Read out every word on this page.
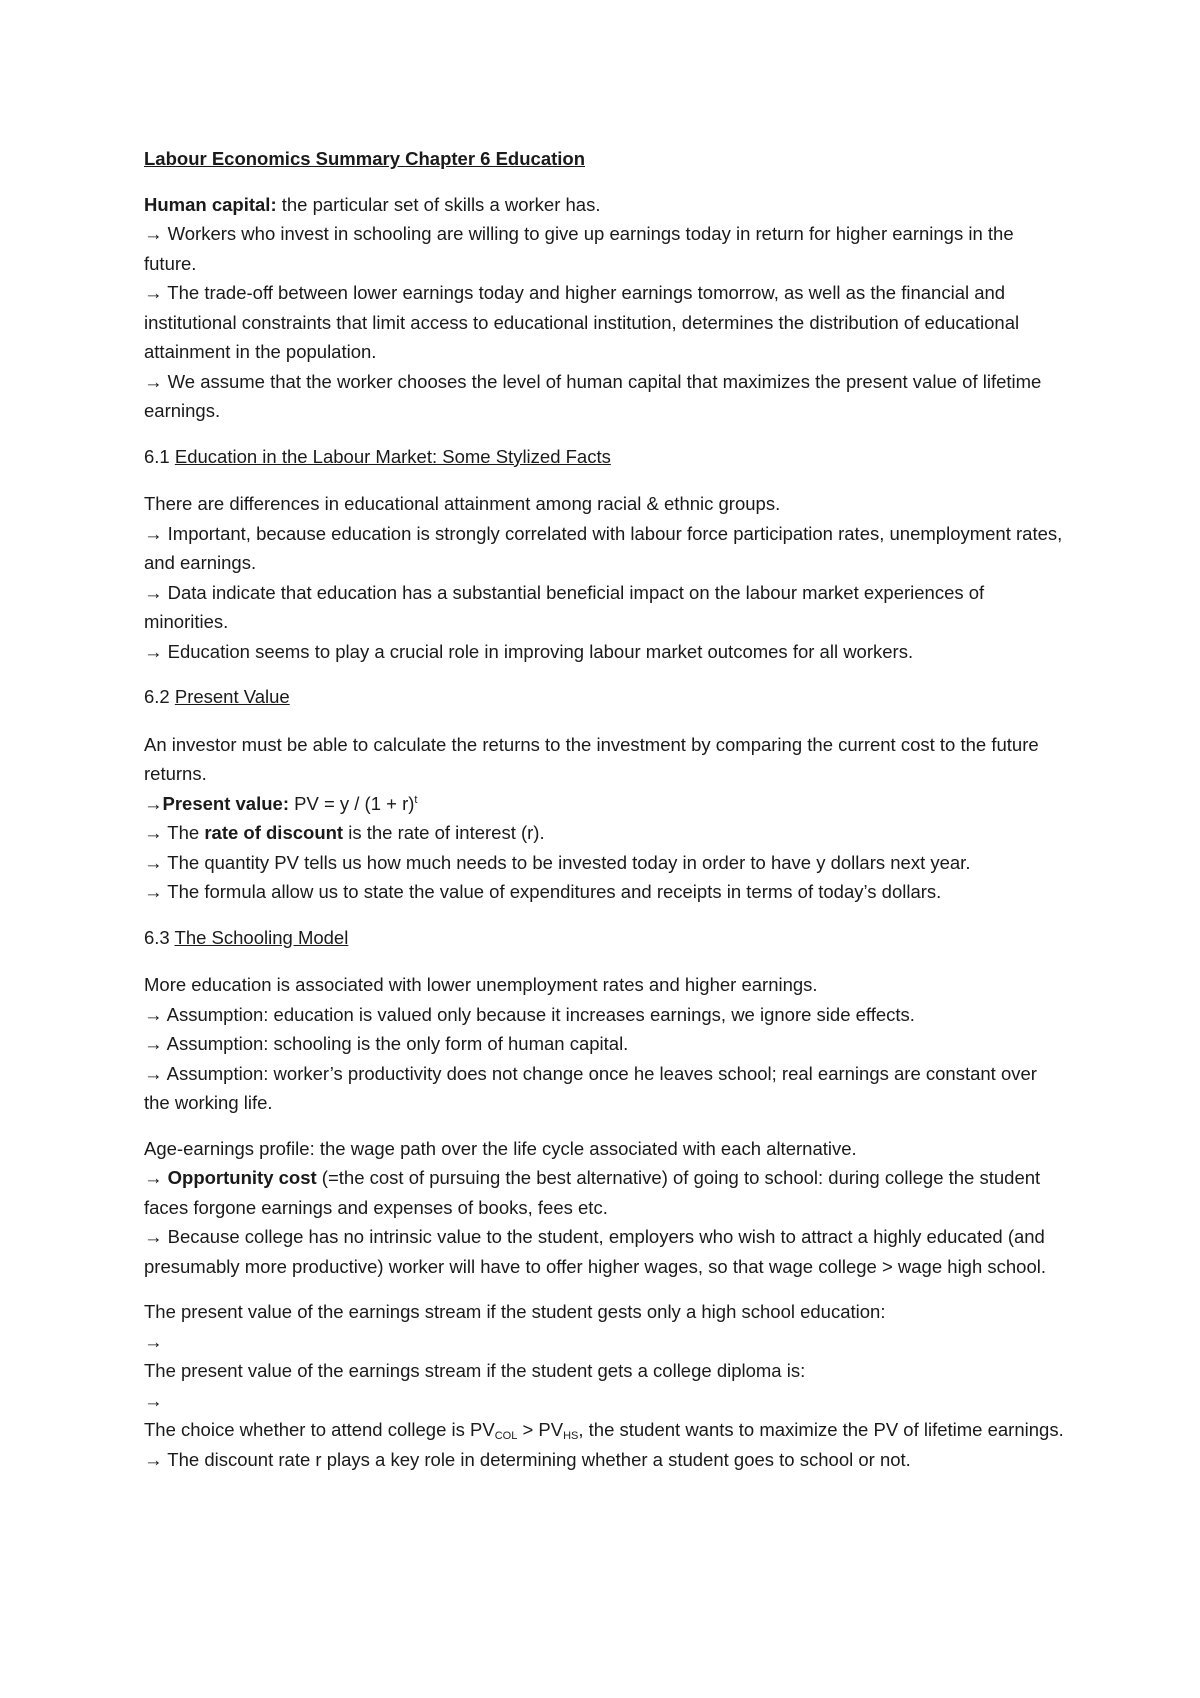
Labour Economics Summary Chapter 6 Education

Human capital: the particular set of skills a worker has.

→ Workers who invest in schooling are willing to give up earnings today in return for higher earnings in the future.

→ The trade-off between lower earnings today and higher earnings tomorrow, as well as the financial and institutional constraints that limit access to educational institution, determines the distribution of educational attainment in the population.

→ We assume that the worker chooses the level of human capital that maximizes the present value of lifetime earnings.

6.1 Education in the Labour Market: Some Stylized Facts

There are differences in educational attainment among racial & ethnic groups.

→ Important, because education is strongly correlated with labour force participation rates, unemployment rates, and earnings.

→ Data indicate that education has a substantial beneficial impact on the labour market experiences of minorities.

→ Education seems to play a crucial role in improving labour market outcomes for all workers.

6.2 Present Value

An investor must be able to calculate the returns to the investment by comparing the current cost to the future returns.

→Present value: PV = $y / (1 + r)^t$

→ The rate of discount is the rate of interest (r).

→ The quantity PV tells us how much needs to be invested today in order to have y dollars next year.

→ The formula allow us to state the value of expenditures and receipts in terms of today’s dollars.

6.3 The Schooling Model

More education is associated with lower unemployment rates and higher earnings.

→ Assumption: education is valued only because it increases earnings, we ignore side effects.

→ Assumption: schooling is the only form of human capital.

→ Assumption: worker’s productivity does not change once he leaves school; real earnings are constant over the working life.

Age-earnings profile: the wage path over the life cycle associated with each alternative.

→ Opportunity cost (=the cost of pursuing the best alternative) of going to school: during college the student faces forgone earnings and expenses of books, fees etc.

→ Because college has no intrinsic value to the student, employers who wish to attract a highly educated (and presumably more productive) worker will have to offer higher wages, so that wage college > wage high school.

The present value of the earnings stream if the student gests only a high school education:

→

The present value of the earnings stream if the student gets a college diploma is:

→

The choice whether to attend college is $PV_{COL} > PV_{HS}$, the student wants to maximize the PV of lifetime earnings.

→ The discount rate r plays a key role in determining whether a student goes to school or not.
